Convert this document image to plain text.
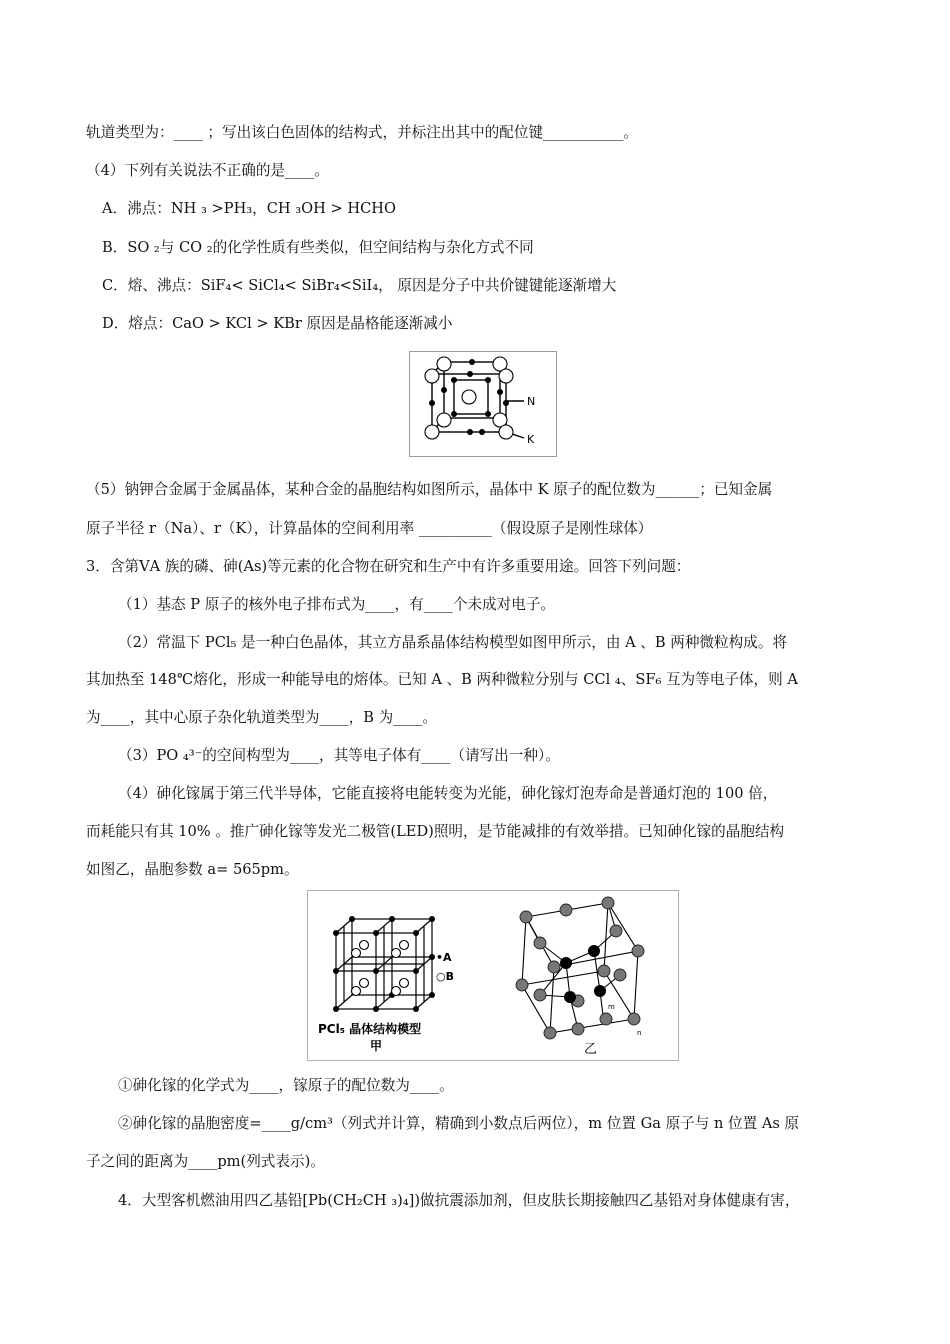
轨道类型为：____ ；写出该白色固体的结构式，并标注出其中的配位键___________。
（4）下列有关说法不正确的是____。
A．沸点：NH ₃ >PH₃，CH ₃OH > HCHO
B．SO ₂与 CO ₂的化学性质有些类似，但空间结构与杂化方式不同
C．熔、沸点：SiF₄< SiCl₄< SiBr₄<SiI₄， 原因是分子中共价键键能逐渐增大
D．熔点：CaO > KCl > KBr 原因是晶格能逐渐减小
N
K
（5）钠钾合金属于金属晶体，某种合金的晶胞结构如图所示，晶体中 K 原子的配位数为______；已知金属
原子半径 r（Na）、r（K），计算晶体的空间利用率 __________（假设原子是刚性球体）
3．含第ⅤA 族的磷、砷(As)等元素的化合物在研究和生产中有许多重要用途。回答下列问题：
（1）基态 P 原子的核外电子排布式为____，有____个未成对电子。
（2）常温下 PCl₅ 是一种白色晶体，其立方晶系晶体结构模型如图甲所示，由 A 、B 两种微粒构成。将
其加热至 148℃熔化，形成一种能导电的熔体。已知 A 、B 两种微粒分别与 CCl ₄、SF₆ 互为等电子体，则 A
为____，其中心原子杂化轨道类型为____，B 为____。
（3）PO ₄³⁻的空间构型为____，其等电子体有____（请写出一种）。
（4）砷化镓属于第三代半导体，它能直接将电能转变为光能，砷化镓灯泡寿命是普通灯泡的 100 倍，
而耗能只有其 10% 。推广砷化镓等发光二极管(LED)照明，是节能减排的有效举措。已知砷化镓的晶胞结构
如图乙，晶胞参数 a= 565pm。
•A
○B
PCl₅ 晶体结构模型
甲
m
n
乙
①砷化镓的化学式为____，镓原子的配位数为____。
②砷化镓的晶胞密度=____g/cm³（列式并计算，精确到小数点后两位），m 位置 Ga 原子与 n 位置 As 原
子之间的距离为____pm(列式表示)。
4．大型客机燃油用四乙基铅[Pb(CH₂CH ₃)₄])做抗震添加剂，但皮肤长期接触四乙基铅对身体健康有害，
